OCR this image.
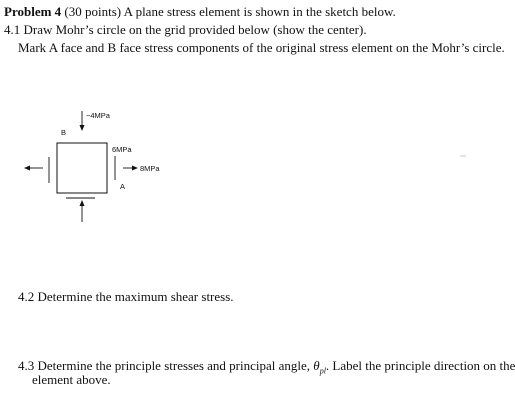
Problem 4 (30 points) A plane stress element is shown in the sketch below.
4.1 Draw Mohr’s circle on the grid provided below (show the center).
Mark A face and B face stress components of the original stress element on the Mohr’s circle.
−4MPa
B
6MPa
8MPa
A
4.2 Determine the maximum shear stress.
4.3 Determine the principle stresses and principal angle, $\theta_{pl}$. Label the principle direction on the
element above.
